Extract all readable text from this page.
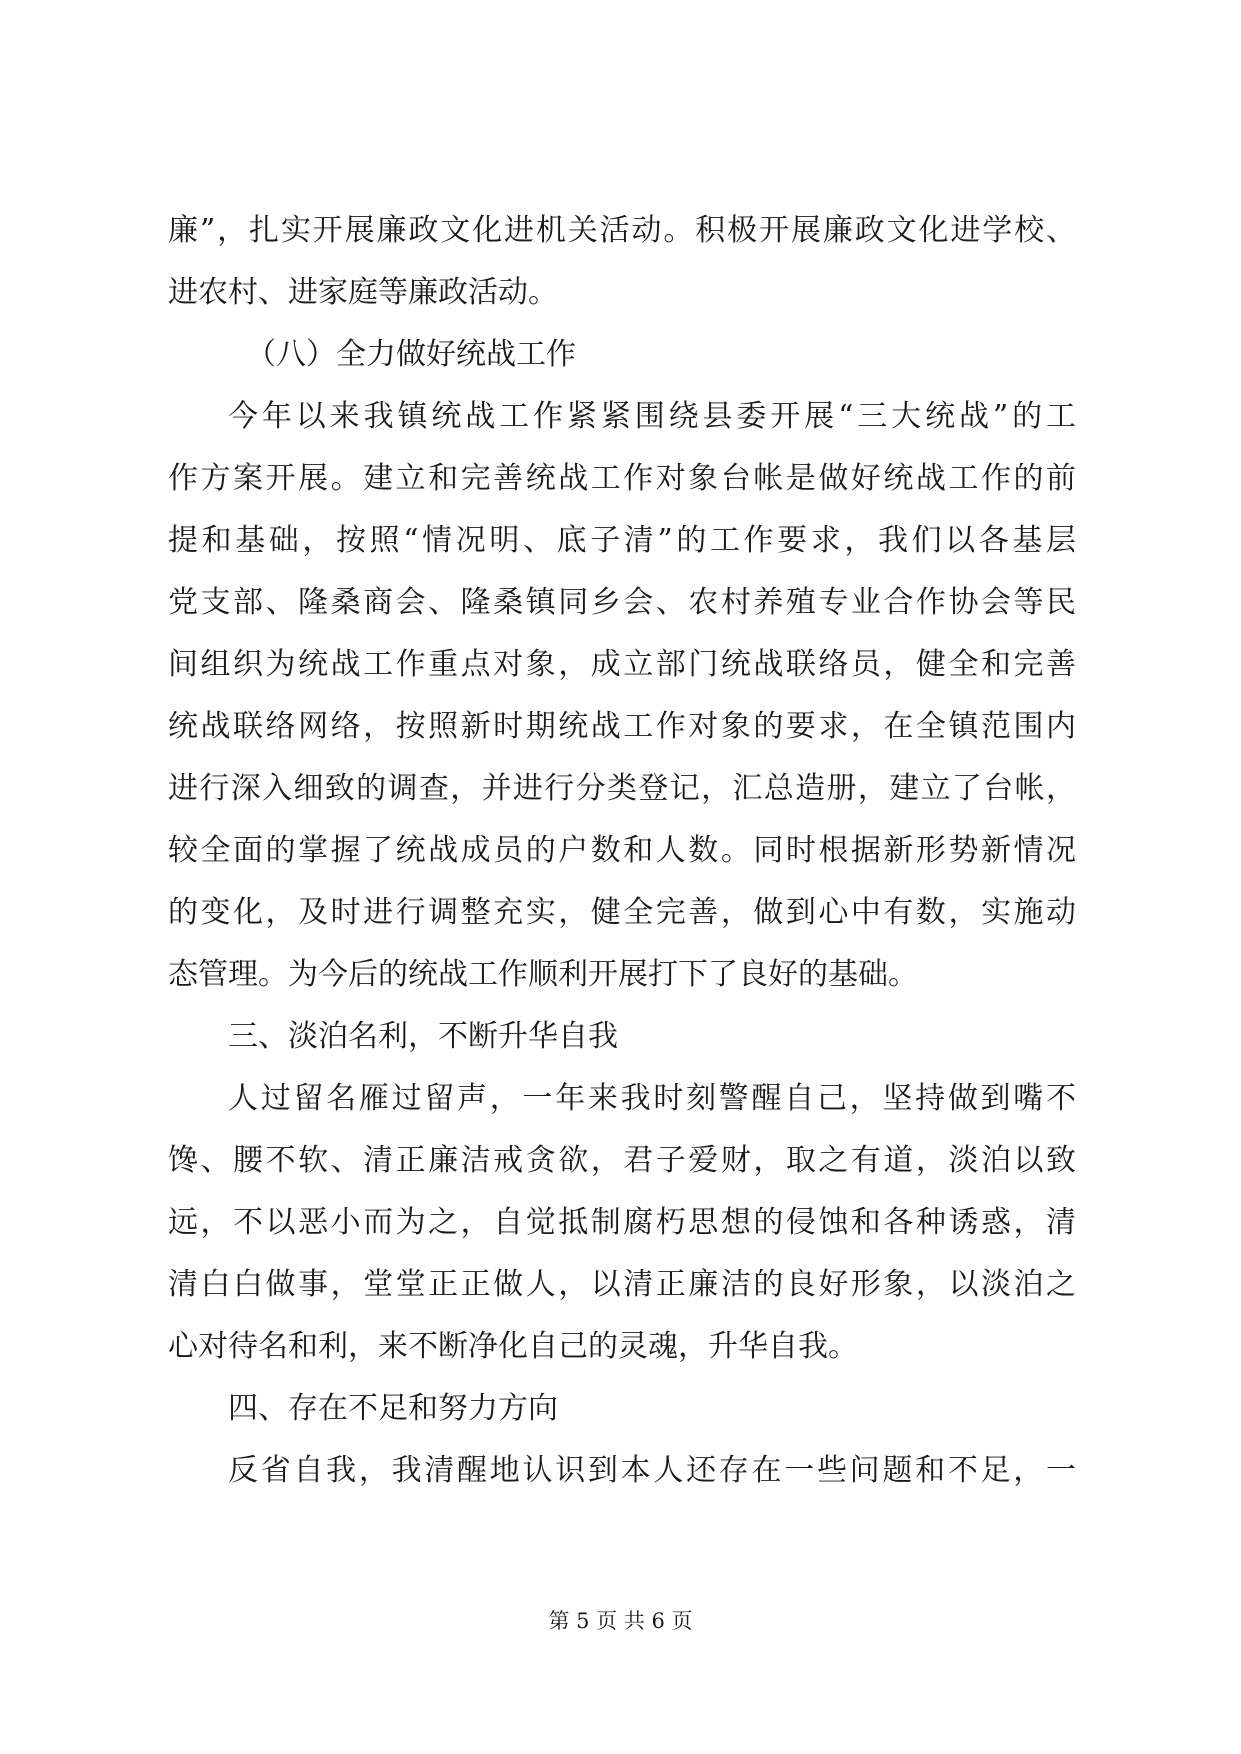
廉”，扎实开展廉政文化进机关活动。积极开展廉政文化进学校、
进农村、进家庭等廉政活动。
（八）全力做好统战工作
今年以来我镇统战工作紧紧围绕县委开展“三大统战”的工
作方案开展。建立和完善统战工作对象台帐是做好统战工作的前
提和基础，按照“情况明、底子清”的工作要求，我们以各基层
党支部、隆桑商会、隆桑镇同乡会、农村养殖专业合作协会等民
间组织为统战工作重点对象，成立部门统战联络员，健全和完善
统战联络网络，按照新时期统战工作对象的要求，在全镇范围内
进行深入细致的调查，并进行分类登记，汇总造册，建立了台帐，
较全面的掌握了统战成员的户数和人数。同时根据新形势新情况
的变化，及时进行调整充实，健全完善，做到心中有数，实施动
态管理。为今后的统战工作顺利开展打下了良好的基础。
三、淡泊名利，不断升华自我
人过留名雁过留声，一年来我时刻警醒自己，坚持做到嘴不
馋、腰不软、清正廉洁戒贪欲，君子爱财，取之有道，淡泊以致
远，不以恶小而为之，自觉抵制腐朽思想的侵蚀和各种诱惑，清
清白白做事，堂堂正正做人，以清正廉洁的良好形象，以淡泊之
心对待名和利，来不断净化自己的灵魂，升华自我。
四、存在不足和努力方向
反省自我，我清醒地认识到本人还存在一些问题和不足，一
第 5 页 共 6 页
